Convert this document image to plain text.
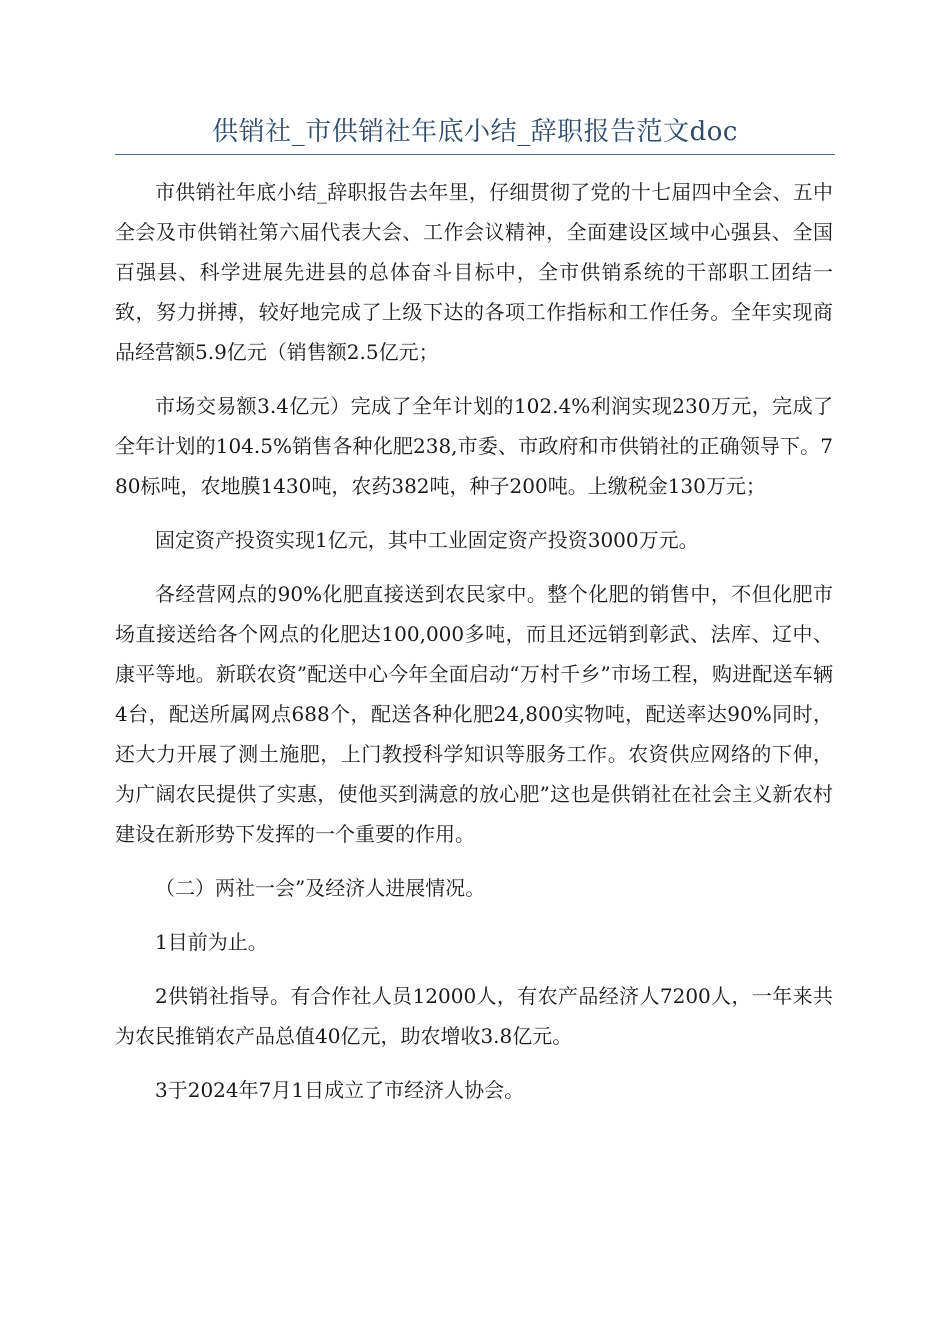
供销社_市供销社年底小结_辞职报告范文doc

市供销社年底小结_辞职报告去年里，仔细贯彻了党的十七届四中全会、五中全会及市供销社第六届代表大会、工作会议精神，全面建设区域中心强县、全国百强县、科学进展先进县的总体奋斗目标中，全市供销系统的干部职工团结一致，努力拼搏，较好地完成了上级下达的各项工作指标和工作任务。全年实现商品经营额5.9亿元（销售额2.5亿元；

市场交易额3.4亿元）完成了全年计划的102.4%利润实现230万元，完成了全年计划的104.5%销售各种化肥238,市委、市政府和市供销社的正确领导下。780标吨，农地膜1430吨，农药382吨，种子200吨。上缴税金130万元；

固定资产投资实现1亿元，其中工业固定资产投资3000万元。

各经营网点的90%化肥直接送到农民家中。整个化肥的销售中，不但化肥市场直接送给各个网点的化肥达100,000多吨，而且还远销到彰武、法库、辽中、康平等地。新联农资”配送中心今年全面启动“万村千乡”市场工程，购进配送车辆4台，配送所属网点688个，配送各种化肥24,800实物吨，配送率达90%同时，还大力开展了测土施肥，上门教授科学知识等服务工作。农资供应网络的下伸，为广阔农民提供了实惠，使他买到满意的放心肥”这也是供销社在社会主义新农村建设在新形势下发挥的一个重要的作用。

（二）两社一会”及经济人进展情况。

1目前为止。

2供销社指导。有合作社人员12000人，有农产品经济人7200人，一年来共为农民推销农产品总值40亿元，助农增收3.8亿元。

3于2024年7月1日成立了市经济人协会。
